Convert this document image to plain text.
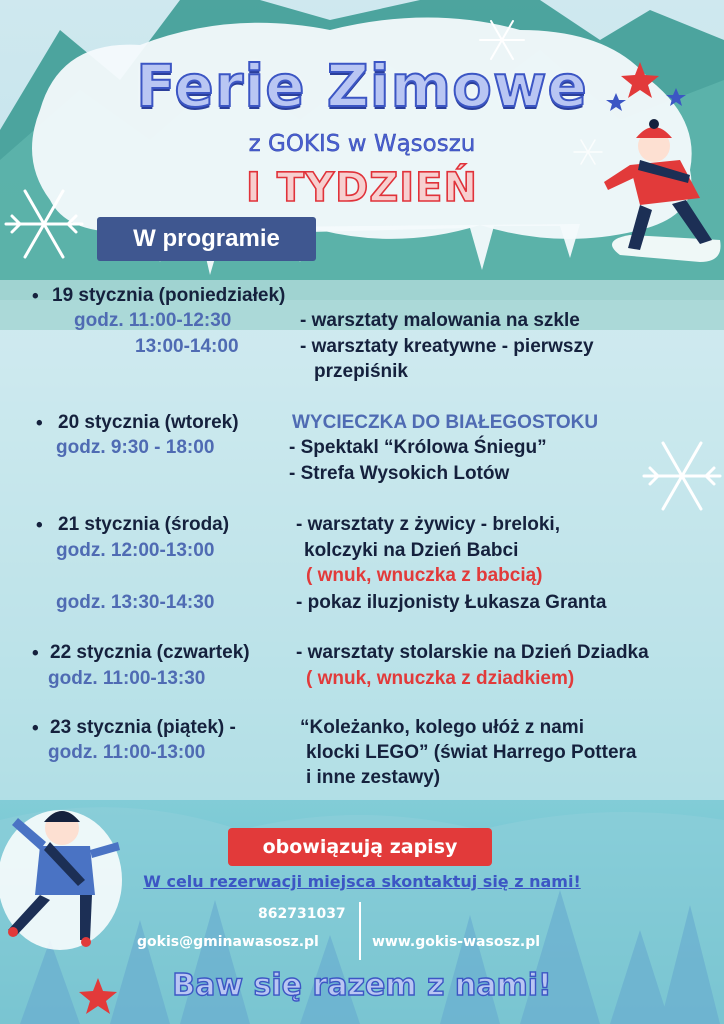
Ferie Zimowe
z GOKIS w Wąsoszu
I TYDZIEŃ
W programie
• 19 stycznia (poniedziałek)
godz. 11:00-12:30	- warsztaty malowania na szkle
13:00-14:00	- warsztaty kreatywne - pierwszy
przepiśnik
• 20 stycznia (wtorek)	WYCIECZKA DO BIAŁEGOSTOKU
godz. 9:30 - 18:00	- Spektakl “Królowa Śniegu”
- Strefa Wysokich Lotów
• 21 stycznia (środa)	- warsztaty z żywicy - breloki,
godz. 12:00-13:00	kolczyki na Dzień Babci
( wnuk, wnuczka z babcią)
godz. 13:30-14:30	- pokaz iluzjonisty Łukasza Granta
• 22 stycznia (czwartek) - warsztaty stolarskie na Dzień Dziadka
godz. 11:00-13:30	( wnuk, wnuczka z dziadkiem)
• 23 stycznia (piątek) -	“Koleżanko, kolego ułóż z nami
godz. 11:00-13:00	klocki LEGO” (świat Harrego Pottera
i inne zestawy)
obowiązują zapisy
W celu rezerwacji miejsca skontaktuj się z nami!
862731037
gokis@gminawasosz.pl	www.gokis-wasosz.pl
Baw się razem z nami!
